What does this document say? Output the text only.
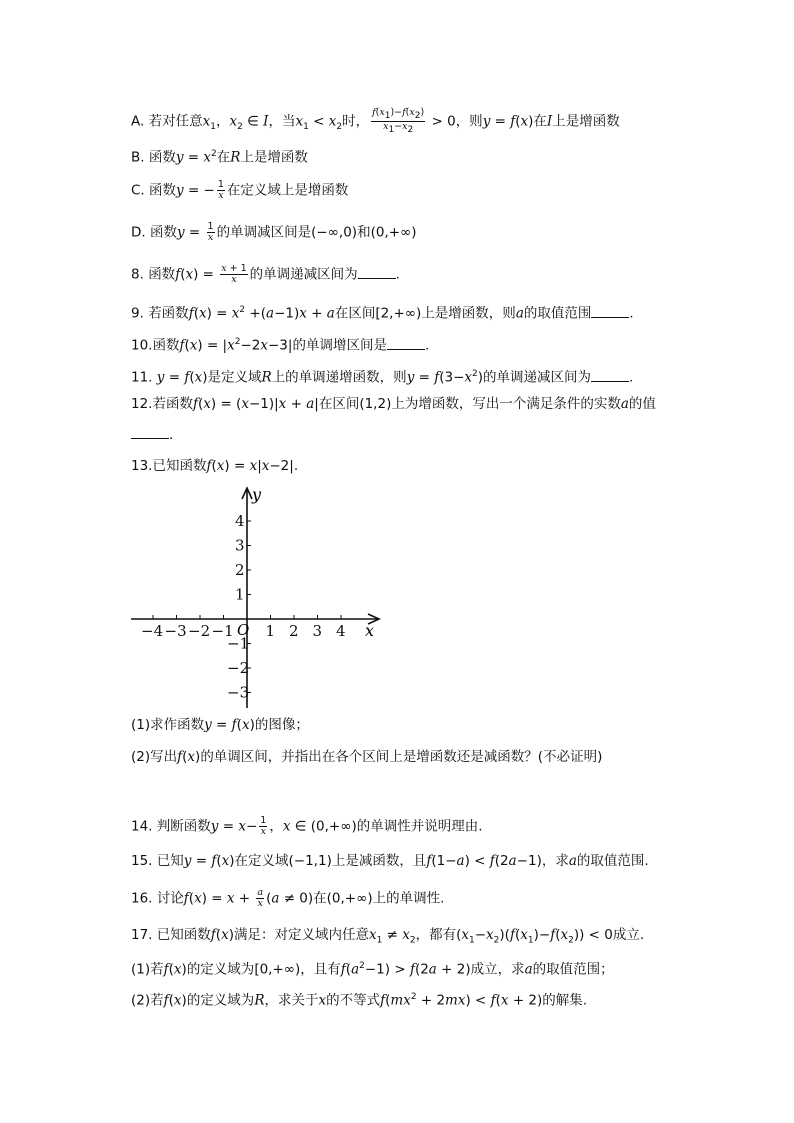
A. 若对任意$x_1$，$x_2$ ∈ I，当$x_1 < x_2$时， $\frac{f(x_1)-f(x_2)}{x_1-x_2} > 0$，则y = f(x)在I上是增函数
B. 函数$y = x^2$在R上是增函数
C. 函数y = − $\frac{1}{x}$ 在定义域上是增函数
D. 函数$y = \frac{1}{x}$ 的单调减区间是(−∞,0)和(0,+∞)
8. 函数$f(x) = \frac{x + 1}{x}$ 的单调递减区间为	.
9. 若函数$f(x) = x^2 +(a-1)x + a$在区间[2,+∞)上是增函数，则a的取值范围	.
10.函数$f(x) = |x^2-2x-3|$的单调增区间是	.
11. y = f(x)是定义域R上的单调递增函数，则$y = f(3-x^2)$的单调递减区间为	.
12.若函数f(x) = (x−1)|x + a|在区间(1,2)上为增函数，写出一个满足条件的实数a的值
.
13.已知函数f(x) = x|x−2|.
−4 −3 −2 −1 1 2 3 4
4
3
2
1
−1
−2
−3
x
y
O
(1)求作函数y = f(x)的图像；
(2)写出f(x)的单调区间，并指出在各个区间上是增函数还是减函数？(不必证明)
14. 判断函数$y = x- \frac{1}{x}$ ，x ∈ (0,+∞)的单调性并说明理由.
15. 已知y = f(x)在定义域(−1,1)上是减函数，且f(1−a) < f(2a−1)，求a的取值范围.
16. 讨论$f(x) = x + \frac{a}{x} (a \ne 0)$在(0,+∞)上的单调性.
17. 已知函数f(x)满足：对定义域内任意$x_1 \ne x_2$，都有$(x_1-x_2)(f(x_1)-f(x_2)) < 0$成立.
(1)若f(x)的定义域为[0,+∞)，且有$f(a^2-1) > f(2a + 2)$成立，求a的取值范围；
(2)若f(x)的定义域为R，求关于x的不等式$f(mx^2 + 2mx) < f(x + 2)$的解集.
